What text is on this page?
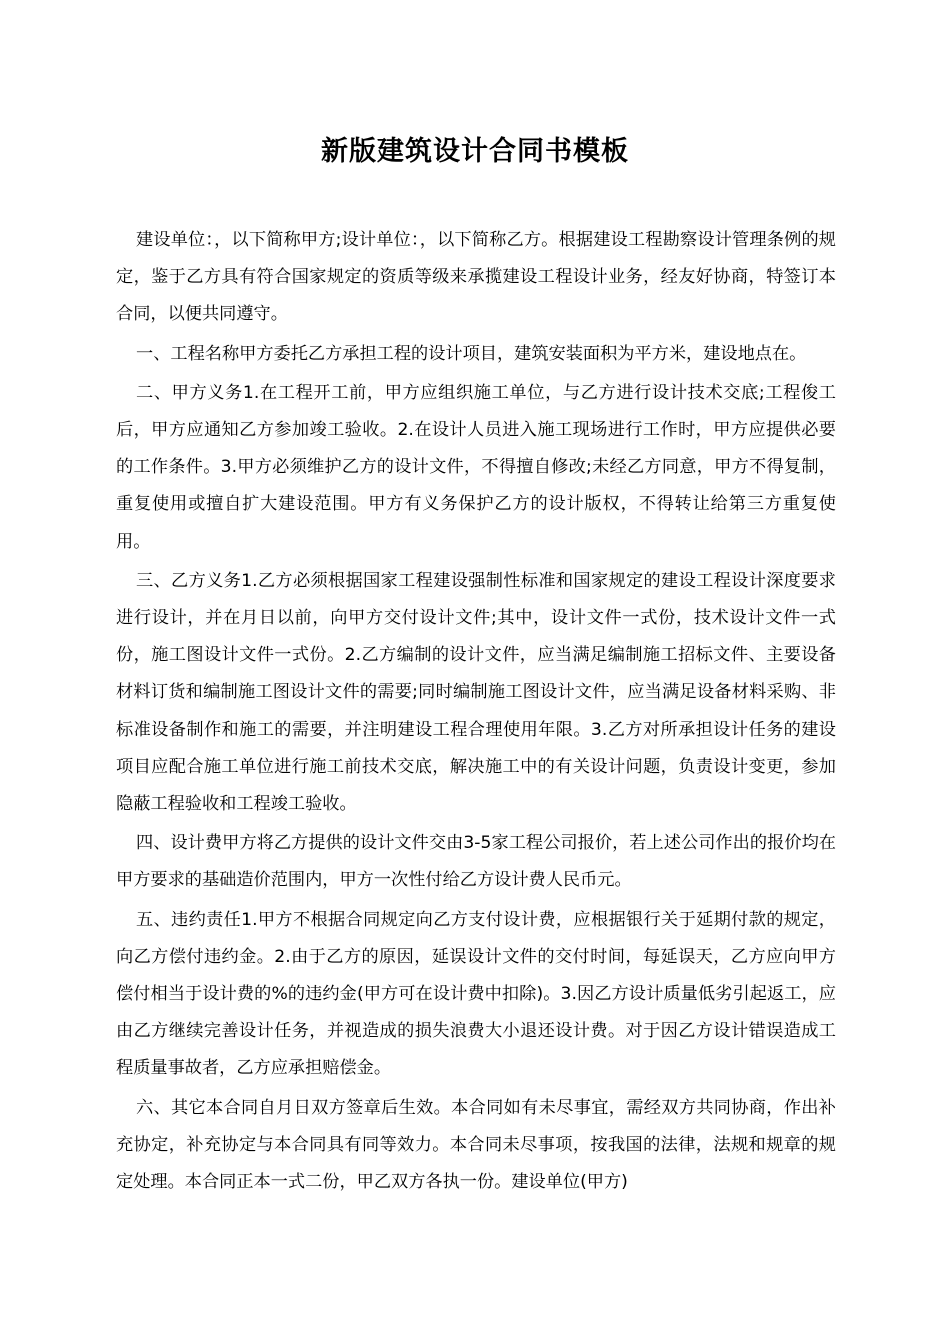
新版建筑设计合同书模板

建设单位：，以下简称甲方;设计单位：，以下简称乙方。根据建设工程勘察设计管理条例的规定，鉴于乙方具有符合国家规定的资质等级来承揽建设工程设计业务，经友好协商，特签订本合同，以便共同遵守。

一、工程名称甲方委托乙方承担工程的设计项目，建筑安装面积为平方米，建设地点在。

二、甲方义务1.在工程开工前，甲方应组织施工单位，与乙方进行设计技术交底;工程俊工后，甲方应通知乙方参加竣工验收。2.在设计人员进入施工现场进行工作时，甲方应提供必要的工作条件。3.甲方必须维护乙方的设计文件，不得擅自修改;未经乙方同意，甲方不得复制，重复使用或擅自扩大建设范围。甲方有义务保护乙方的设计版权，不得转让给第三方重复使用。

三、乙方义务1.乙方必须根据国家工程建设强制性标准和国家规定的建设工程设计深度要求进行设计，并在月日以前，向甲方交付设计文件;其中，设计文件一式份，技术设计文件一式份，施工图设计文件一式份。2.乙方编制的设计文件，应当满足编制施工招标文件、主要设备材料订货和编制施工图设计文件的需要;同时编制施工图设计文件，应当满足设备材料采购、非标准设备制作和施工的需要，并注明建设工程合理使用年限。3.乙方对所承担设计任务的建设项目应配合施工单位进行施工前技术交底，解决施工中的有关设计问题，负责设计变更，参加隐蔽工程验收和工程竣工验收。

四、设计费甲方将乙方提供的设计文件交由3-5家工程公司报价，若上述公司作出的报价均在甲方要求的基础造价范围内，甲方一次性付给乙方设计费人民币元。

五、违约责任1.甲方不根据合同规定向乙方支付设计费，应根据银行关于延期付款的规定，向乙方偿付违约金。2.由于乙方的原因，延误设计文件的交付时间，每延误天，乙方应向甲方偿付相当于设计费的%的违约金(甲方可在设计费中扣除)。3.因乙方设计质量低劣引起返工，应由乙方继续完善设计任务，并视造成的损失浪费大小退还设计费。对于因乙方设计错误造成工程质量事故者，乙方应承担赔偿金。

六、其它本合同自月日双方签章后生效。本合同如有未尽事宜，需经双方共同协商，作出补充协定，补充协定与本合同具有同等效力。本合同未尽事项，按我国的法律，法规和规章的规定处理。本合同正本一式二份，甲乙双方各执一份。建设单位(甲方)
